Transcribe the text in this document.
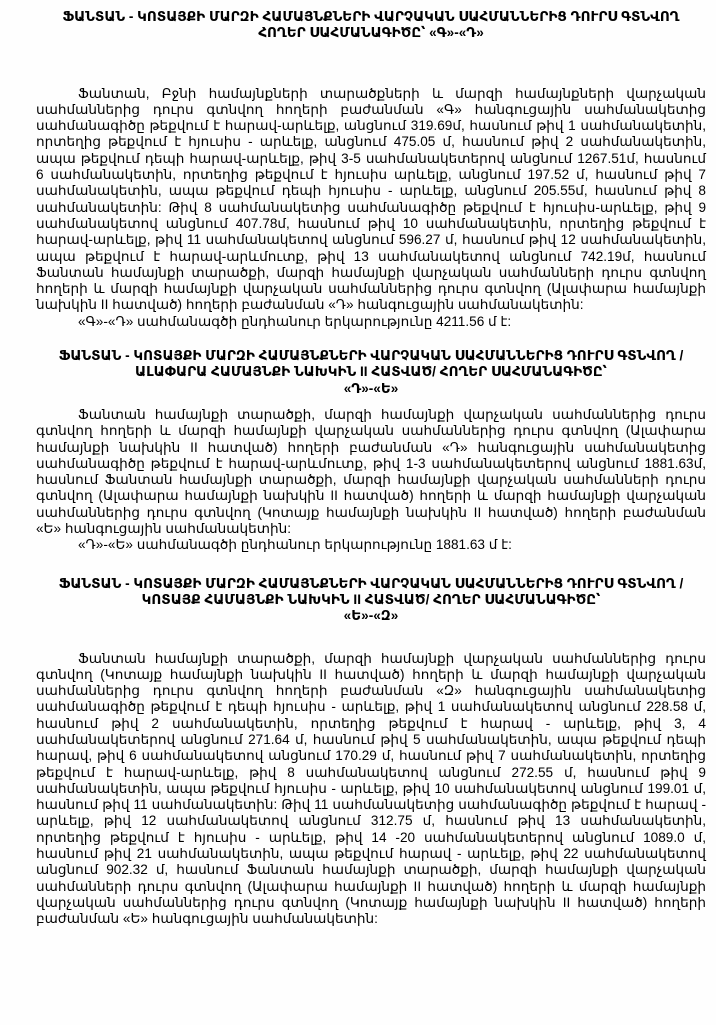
ՖԱՆՏԱՆ - ԿՈՏԱՅՔԻ ՄԱՐԶԻ ՀԱՄԱՅՆՔՆԵՐԻ ՎԱՐՉԱԿԱՆ ՍԱՀՄԱՆՆԵՐԻՑ ԴՈՒՐՍ ԳՏՆՎՈՂ
ՀՈՂԵՐ ՍԱՀՄԱՆԱԳԻԾԸ՝ «Գ»-«Դ»

Ֆանտան, Բջնի համայնքների տարածքների և մարզի համայնքների վարչական սահմաններից դուրս գտնվող հողերի բաժանման «Գ» հանգուցային սահմանակետից սահմանագիծը թեքվում է հարավ-արևելք, անցնում 319.69մ, հասնում թիվ 1 սահմանակետին, որտեղից թեքվում է հյուսիս - արևելք, անցնում 475.05 մ, հասնում թիվ 2 սահմանակետին, ապա թեքվում դեպի հարավ-արևելք, թիվ 3-5 սահմանակետերով անցնում 1267.51մ, հասնում 6 սահմանակետին, որտեղից թեքվում է հյուսիս արևելք, անցնում 197.52 մ, հասնում թիվ 7 սահմանակետին, ապա թեքվում դեպի հյուսիս - արևելք, անցնում 205.55մ, հասնում թիվ 8 սահմանակետին: Թիվ 8 սահմանակետից սահմանագիծը թեքվում է հյուսիս-արևելք, թիվ 9 սահմանակետով անցնում 407.78մ, հասնում թիվ 10 սահմանակետին, որտեղից թեքվում է հարավ-արևելք, թիվ 11 սահմանակետով անցնում 596.27 մ, հասնում թիվ 12 սահմանակետին, ապա թեքվում է հարավ-արևմուտք, թիվ 13 սահմանակետով անցնում 742.19մ, հասնում Ֆանտան համայնքի տարածքի, մարզի համայնքի վարչական սահմանների դուրս գտնվող հողերի և մարզի համայնքի վարչական սահմաններից դուրս գտնվող (Ալափարա համայնքի նախկին II հատված) հողերի բաժանման «Դ» հանգուցային սահմանակետին:

«Գ»-«Դ» սահմանագծի ընդհանուր երկարությունը 4211.56 մ է:

ՖԱՆՏԱՆ - ԿՈՏԱՅՔԻ ՄԱՐԶԻ ՀԱՄԱՅՆՔՆԵՐԻ ՎԱՐՉԱԿԱՆ ՍԱՀՄԱՆՆԵՐԻՑ ԴՈՒՐՍ ԳՏՆՎՈՂ /
ԱԼԱՓԱՐԱ ՀԱՄԱՅՆՔԻ ՆԱԽԿԻՆ II ՀԱՏՎԱԾ/ ՀՈՂԵՐ ՍԱՀՄԱՆԱԳԻԾԸ՝
«Դ»-«Ե»

Ֆանտան համայնքի տարածքի, մարզի համայնքի վարչական սահմաններից դուրս գտնվող հողերի և մարզի համայնքի վարչական սահմաններից դուրս գտնվող (Ալափարա համայնքի նախկին II հատված) հողերի բաժանման «Դ» հանգուցային սահմանակետից սահմանագիծը թեքվում է հարավ-արևմուտք, թիվ 1-3 սահմանակետերով անցնում 1881.63մ, հասնում Ֆանտան համայնքի տարածքի, մարզի համայնքի վարչական սահմանների դուրս գտնվող (Ալափարա համայնքի նախկին II հատված) հողերի և մարզի համայնքի վարչական սահմաններից դուրս գտնվող (Կոտայք համայնքի նախկին II հատված) հողերի բաժանման «Ե» հանգուցային սահմանակետին:

«Դ»-«Ե» սահմանագծի ընդհանուր երկարությունը 1881.63 մ է:

ՖԱՆՏԱՆ - ԿՈՏԱՅՔԻ ՄԱՐԶԻ ՀԱՄԱՅՆՔՆԵՐԻ ՎԱՐՉԱԿԱՆ ՍԱՀՄԱՆՆԵՐԻՑ ԴՈՒՐՍ ԳՏՆՎՈՂ /
ԿՈՏԱՅՔ ՀԱՄԱՅՆՔԻ ՆԱԽԿԻՆ II ՀԱՏՎԱԾ/ ՀՈՂԵՐ ՍԱՀՄԱՆԱԳԻԾԸ՝
«Ե»-«Զ»

Ֆանտան համայնքի տարածքի, մարզի համայնքի վարչական սահմաններից դուրս գտնվող (Կոտայք համայնքի նախկին II հատված) հողերի և մարզի համայնքի վարչական սահմաններից դուրս գտնվող հողերի բաժանման «Զ» հանգուցային սահմանակետից սահմանագիծը թեքվում է դեպի հյուսիս - արևելք, թիվ 1 սահմանակետով անցնում 228.58 մ, հասնում թիվ 2 սահմանակետին, որտեղից թեքվում է հարավ - արևելք, թիվ 3, 4 սահմանակետերով անցնում 271.64 մ, հասնում թիվ 5 սահմանակետին, ապա թեքվում դեպի հարավ, թիվ 6 սահմանակետով անցնում 170.29 մ, հասնում թիվ 7 սահմանակետին, որտեղից թեքվում է հարավ-արևելք, թիվ 8 սահմանակետով անցնում 272.55 մ, հասնում թիվ 9 սահմանակետին, ապա թեքվում հյուսիս - արևելք, թիվ 10 սահմանակետով անցնում 199.01 մ, հասնում թիվ 11 սահմանակետին: Թիվ 11 սահմանակետից սահմանագիծը թեքվում է հարավ - արևելք, թիվ 12 սահմանակետով անցնում 312.75 մ, հասնում թիվ 13 սահմանակետին, որտեղից թեքվում է հյուսիս - արևելք, թիվ 14 -20 սահմանակետերով անցնում 1089.0 մ, հասնում թիվ 21 սահմանակետին, ապա թեքվում հարավ - արևելք, թիվ 22 սահմանակետով անցնում 902.32 մ, հասնում Ֆանտան համայնքի տարածքի, մարզի համայնքի վարչական սահմանների դուրս գտնվող (Ալափարա համայնքի II հատված) հողերի և մարզի համայնքի վարչական սահմաններից դուրս գտնվող (Կոտայք համայնքի նախկին II հատված) հողերի բաժանման «Ե» հանգուցային սահմանակետին:
